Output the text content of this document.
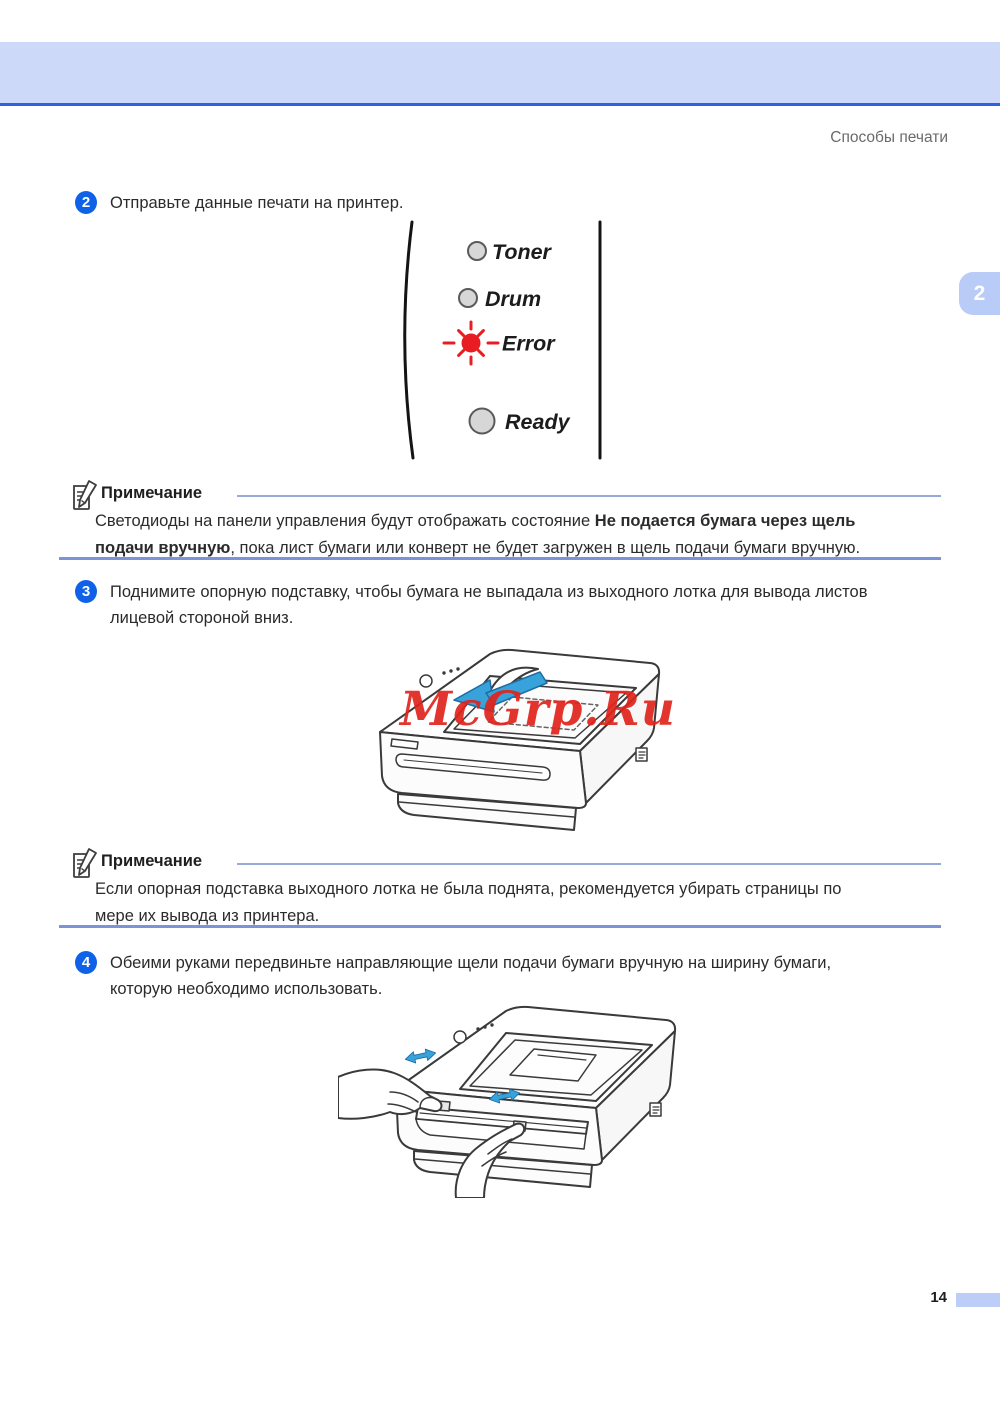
Способы печати
2
2	Отправьте данные печати на принтер.
Toner
Drum
Error
Ready
Примечание
Светодиоды на панели управления будут отображать состояние Не подается бумага через щель
подачи вручную, пока лист бумаги или конверт не будет загружен в щель подачи бумаги вручную.
3	Поднимите опорную подставку, чтобы бумага не выпадала из выходного лотка для вывода листов
лицевой стороной вниз.
McGrp.Ru
Примечание
Если опорная подставка выходного лотка не была поднята, рекомендуется убирать страницы по
мере их вывода из принтера.
4	Обеими руками передвиньте направляющие щели подачи бумаги вручную на ширину бумаги,
которую необходимо использовать.
14
